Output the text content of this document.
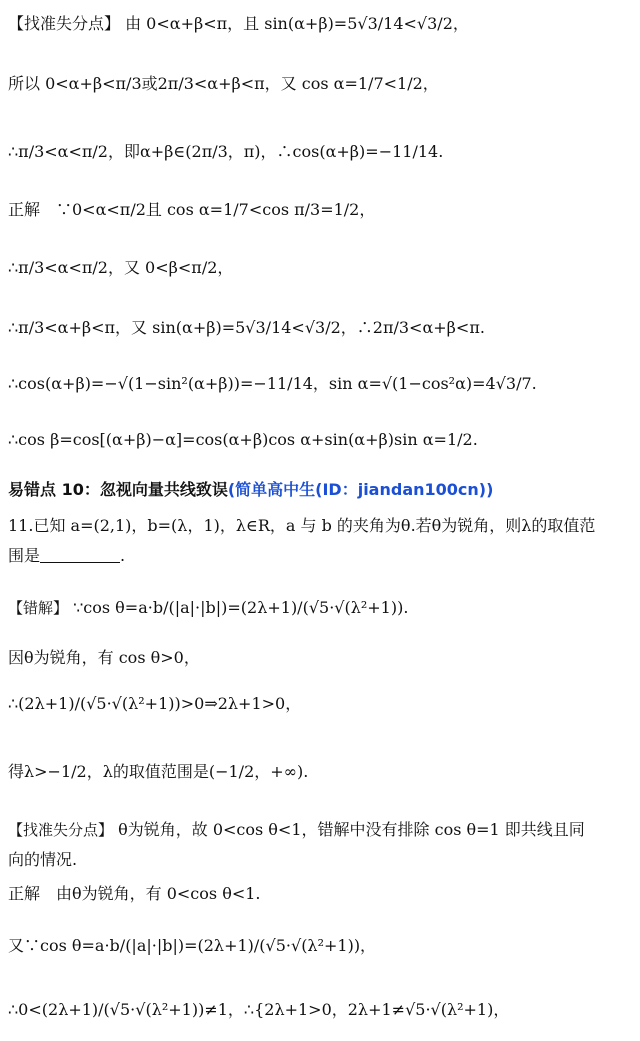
【找准失分点】 由 0<α+β<π，且 sin(α+β)=5√3/14<√3/2，
所以 0<α+β<π/3或2π/3<α+β<π，又 cos α=1/7<1/2，
∴π/3<α<π/2，即α+β∈(2π/3，π)，∴cos(α+β)=−11/14.
正解　∵0<α<π/2且 cos α=1/7<cos π/3=1/2，
∴π/3<α<π/2，又 0<β<π/2，
∴π/3<α+β<π，又 sin(α+β)=5√3/14<√3/2，∴2π/3<α+β<π.
∴cos(α+β)=−√(1−sin²(α+β))=−11/14，sin α=√(1−cos²α)=4√3/7.
∴cos β=cos[(α+β)−α]=cos(α+β)cos α+sin(α+β)sin α=1/2.
易错点 10：忽视向量共线致误(简单高中生(ID：jiandan100cn))
11.已知 a=(2,1)，b=(λ，1)，λ∈R，a 与 b 的夹角为θ.若θ为锐角，则λ的取值范
围是	.
【错解】 ∵cos θ=a·b/(|a|·|b|)=(2λ+1)/(√5·√(λ²+1)).
因θ为锐角，有 cos θ>0，
∴(2λ+1)/(√5·√(λ²+1))>0⇒2λ+1>0，
得λ>−1/2，λ的取值范围是(−1/2，+∞).
【找准失分点】 θ为锐角，故 0<cos θ<1，错解中没有排除 cos θ=1 即共线且同
向的情况.
正解　由θ为锐角，有 0<cos θ<1.
又∵cos θ=a·b/(|a|·|b|)=(2λ+1)/(√5·√(λ²+1))，
∴0<(2λ+1)/(√5·√(λ²+1))≠1，∴{2λ+1>0，2λ+1≠√5·√(λ²+1)，
